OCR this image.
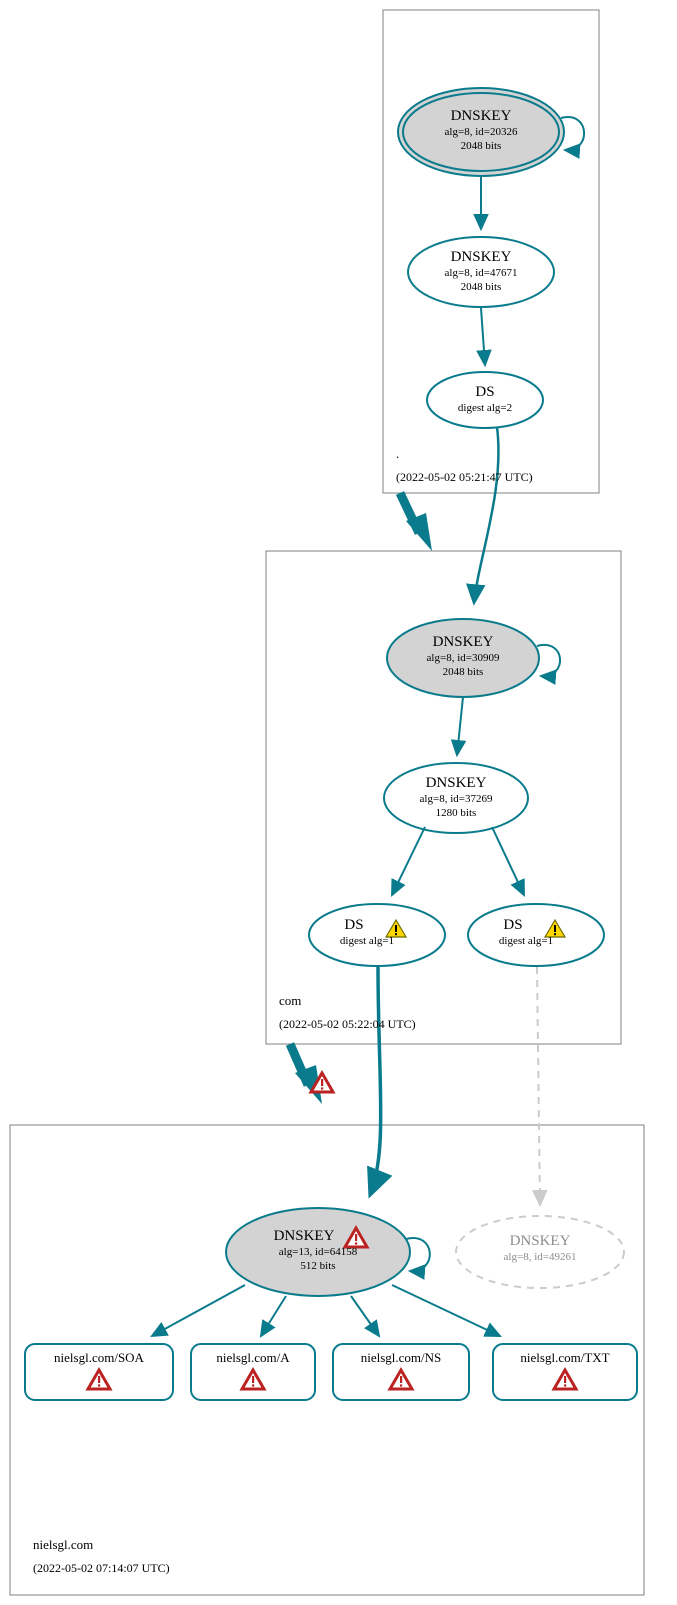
DNSKEY
alg=8, id=20326
2048 bits
DNSKEY
alg=8, id=47671
2048 bits
DS
digest alg=2
.
(2022-05-02 05:21:47 UTC)
DNSKEY
alg=8, id=30909
2048 bits
DNSKEY
alg=8, id=37269
1280 bits
DS
digest alg=1
DS
digest alg=1
com
(2022-05-02 05:22:04 UTC)
DNSKEY
alg=13, id=64158
512 bits
DNSKEY
alg=8, id=49261
nielsgl.com/SOA	nielsgl.com/A	nielsgl.com/NS	nielsgl.com/TXT
nielsgl.com
(2022-05-02 07:14:07 UTC)
